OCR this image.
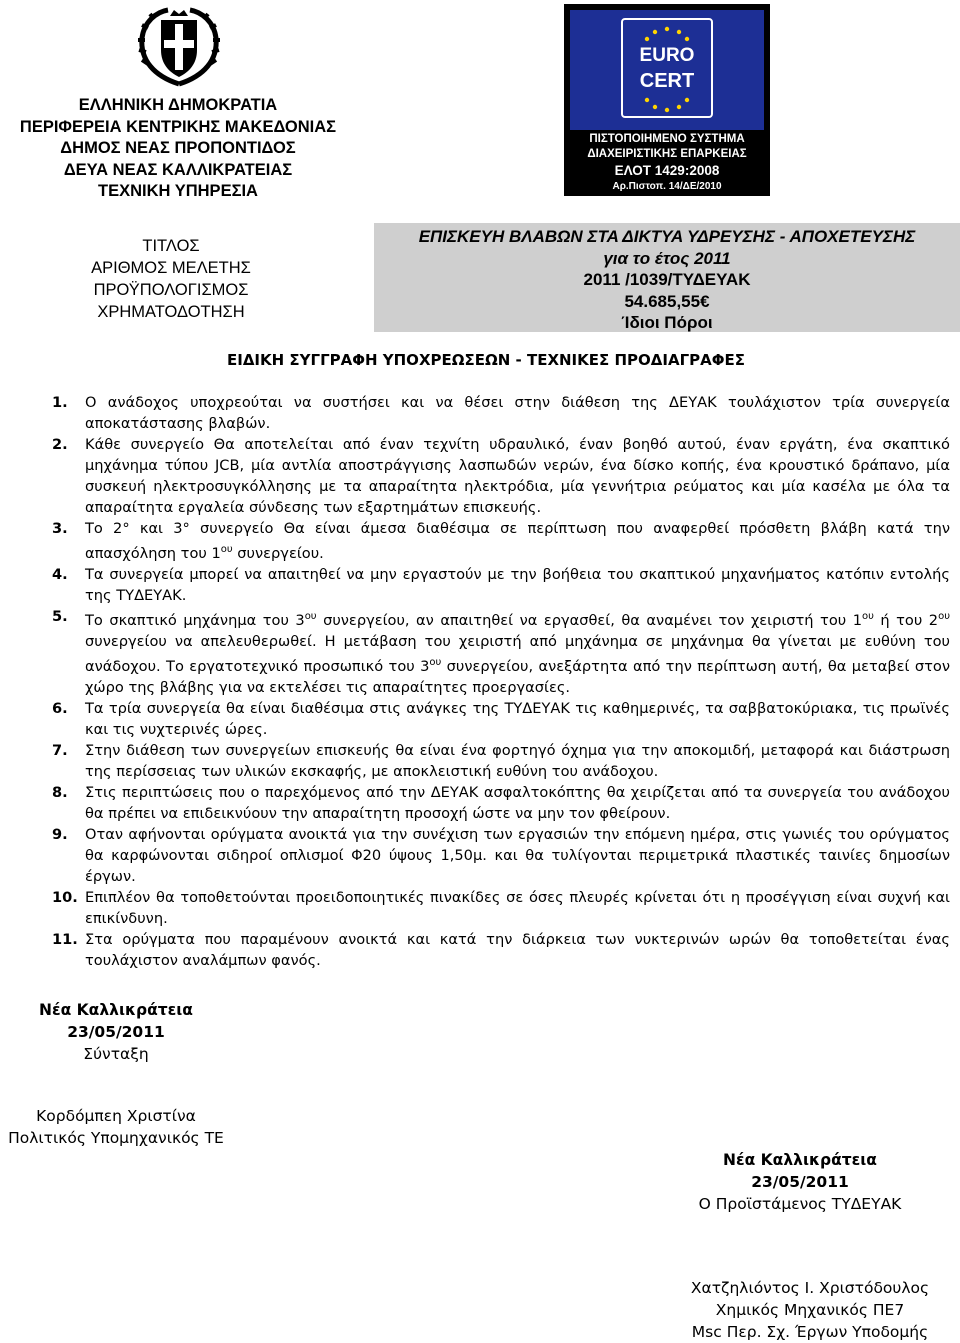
ΕΛΛΗΝΙΚΗ ΔΗΜΟΚΡΑΤΙΑ
ΠΕΡΙΦΕΡΕΙΑ ΚΕΝΤΡΙΚΗΣ ΜΑΚΕΔΟΝΙΑΣ
ΔΗΜΟΣ ΝΕΑΣ ΠΡΟΠΟΝΤΙΔΟΣ
ΔΕΥΑ ΝΕΑΣ ΚΑΛΛΙΚΡΑΤΕΙΑΣ
ΤΕΧΝΙΚΗ ΥΠΗΡΕΣΙΑ
EURO
CERT
ΠΙΣΤΟΠΟΙΗΜΕΝΟ ΣΥΣΤΗΜΑ
ΔΙΑΧΕΙΡΙΣΤΙΚΗΣ ΕΠΑΡΚΕΙΑΣ
ΕΛΟΤ 1429:2008
Αρ.Πιστοπ. 14/ΔΕ/2010
ΤΙΤΛΟΣ
ΑΡΙΘΜΟΣ ΜΕΛΕΤΗΣ
ΠΡΟΫΠΟΛΟΓΙΣΜΟΣ
ΧΡΗΜΑΤΟΔΟΤΗΣΗ
ΕΠΙΣΚΕΥΗ ΒΛΑΒΩΝ ΣΤΑ ΔΙΚΤΥΑ ΥΔΡΕΥΣΗΣ - ΑΠΟΧΕΤΕΥΣΗΣ
για το έτος 2011
2011 /1039/ΤΥΔΕΥΑΚ
54.685,55€
Ίδιοι Πόροι
ΕΙΔΙΚΗ ΣΥΓΓΡΑΦΗ ΥΠΟΧΡΕΩΣΕΩΝ - ΤΕΧΝΙΚΕΣ ΠΡΟΔΙΑΓΡΑΦΕΣ
1. Ο ανάδοχος υποχρεούται να συστήσει και να θέσει στην διάθεση της ΔΕΥΑΚ τουλάχιστον τρία συνεργεία αποκατάστασης βλαβών.
2. Κάθε συνεργείο Θα αποτελείται από έναν τεχνίτη υδραυλικό, έναν βοηθό αυτού, έναν εργάτη, ένα σκαπτικό μηχάνημα τύπου JCB, μία αντλία αποστράγγισης λασπωδών νερών, ένα δίσκο κοπής, ένα κρουστικό δράπανο, μία συσκευή ηλεκτροσυγκόλλησης με τα απαραίτητα ηλεκτρόδια, μία γεννήτρια ρεύματος και μία κασέλα με όλα τα απαραίτητα εργαλεία σύνδεσης των εξαρτημάτων επισκευής.
3. Το 2° και 3° συνεργείο Θα είναι άμεσα διαθέσιμα σε περίπτωση που αναφερθεί πρόσθετη βλάβη κατά την απασχόληση του $1^{o\upsilon}$ συνεργείου.
4. Τα συνεργεία μπορεί να απαιτηθεί να μην εργαστούν με την βοήθεια του σκαπτικού μηχανήματος κατόπιν εντολής της ΤΥΔΕΥΑΚ.
5. Το σκαπτικό μηχάνημα του $3^{o\upsilon}$ συνεργείου, αν απαιτηθεί να εργασθεί, θα αναμένει τον χειριστή του $1^{o\upsilon}$ ή του $2^{o\upsilon}$ συνεργείου να απελευθερωθεί. Η μετάβαση του χειριστή από μηχάνημα σε μηχάνημα θα γίνεται με ευθύνη του ανάδοχου. Το εργατοτεχνικό προσωπικό του $3^{o\upsilon}$ συνεργείου, ανεξάρτητα από την περίπτωση αυτή, θα μεταβεί στον χώρο της βλάβης για να εκτελέσει τις απαραίτητες προεργασίες.
6. Τα τρία συνεργεία θα είναι διαθέσιμα στις ανάγκες της ΤΥΔΕΥΑΚ τις καθημερινές, τα σαββατοκύριακα, τις πρωϊνές και τις νυχτερινές ώρες.
7. Στην διάθεση των συνεργείων επισκευής θα είναι ένα φορτηγό όχημα για την αποκομιδή, μεταφορά και διάστρωση της περίσσειας των υλικών εκσκαφής, με αποκλειστική ευθύνη του ανάδοχου.
8. Στις περιπτώσεις που ο παρεχόμενος από την ΔΕΥΑΚ ασφαλτοκόπτης θα χειρίζεται από τα συνεργεία του ανάδοχου θα πρέπει να επιδεικνύουν την απαραίτητη προσοχή ώστε να μην τον φθείρουν.
9. Οταν αφήνονται ορύγματα ανοικτά για την συνέχιση των εργασιών την επόμενη ημέρα, στις γωνιές του ορύγματος θα καρφώνονται σιδηροί οπλισμοί Φ20 ύψους 1,50μ. και θα τυλίγονται περιμετρικά πλαστικές ταινίες δημοσίων έργων.
10. Επιπλέον θα τοποθετούνται προειδοποιητικές πινακίδες σε όσες πλευρές κρίνεται ότι η προσέγγιση είναι συχνή και επικίνδυνη.
11. Στα ορύγματα που παραμένουν ανοικτά και κατά την διάρκεια των νυκτερινών ωρών θα τοποθετείται ένας τουλάχιστον αναλάμπων φανός.
Νέα Καλλικράτεια
23/05/2011
Σύνταξη
Κορδόμπεη Χριστίνα
Πολιτικός Υπομηχανικός ΤΕ
Νέα Καλλικράτεια
23/05/2011
Ο Προϊστάμενος ΤΥΔΕΥΑΚ
Χατζηλιόντος Ι. Χριστόδουλος
Χημικός Μηχανικός ΠΕ7
Msc Περ. Σχ. Έργων Υποδομής
